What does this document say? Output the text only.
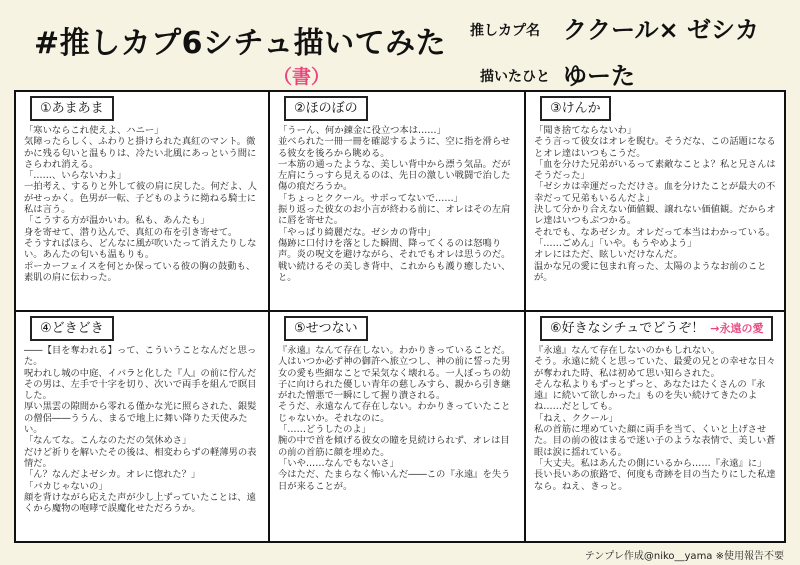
#推しカプ6シチュ描いてみた
（書）
推しカプ名 ククール× ゼシカ
描いたひと ゆーた
①あまあま
「寒いならこれ使えよ、ハニー」
気障ったらしく、ふわりと掛けられた真紅のマント。微かに残る匂いと温もりは、冷たい北風にあっという間にさらわれ消える。
「……、いらないわよ」
一拍考え、するりと外して彼の肩に戻した。何だよ、人がせっかく。色男が一転、子どものように拗ねる騎士に私は言う。
「こうする方が温かいわ。私も、あんたも」
身を寄せて、潜り込んで、真紅の布を引き寄せて。
そうすればほら、どんなに風が吹いたって消えたりしない。あんたの匂いも温もりも。
ポーカーフェイスを何とか保っている彼の胸の鼓動も、素肌の肩に伝わった。
②ほのぼの
「うーん、何か錬金に役立つ本は……」
並べられた一冊一冊を確認するように、空に指を滑らせる彼女を後ろから眺める。
一本筋の通ったような、美しい背中から漂う気品。だが左肩にうっすら見えるのは、先日の激しい戦闘で治した傷の痕だろうか。
「ちょっとククール。サボってないで……」
振り返った彼女のお小言が終わる前に、オレはその左肩に唇を寄せた。
「やっぱり綺麗だな。ゼシカの背中」
傷跡に口付けを落とした瞬間、降ってくるのは怒鳴り声。炎の呪文を避けながら、それでもオレは思うのだ。
戦い続けるその美しき背中、これからも護り癒したい、と。
③けんか
「聞き捨てならないわ」
そう言って彼女はオレを睨む。そうだな、この話題になるとオレ達はいつもこうだ。
「血を分けた兄弟がいるって素敵なことよ？私と兄さんはそうだった」
「ゼシカは幸運だっただけさ。血を分けたことが最大の不幸だって兄弟もいるんだよ」
決して分かり合えない価値観、譲れない価値観。だからオレ達はいつもぶつかる。
それでも、なあゼシカ。オレだって本当はわかっている。
「……ごめん」「いや。もうやめよう」
オレにはただ、眩しいだけなんだ。
温かな兄の愛に包まれ育った、太陽のようなお前のことが。
④どきどき
――【目を奪われる】って、こういうことなんだと思った。
呪われし城の中庭、イバラと化した『人』の前に佇んだその男は、左手で十字を切り、次いで両手を組んで瞑目した。
厚い黒雲の隙間から零れる僅かな光に照らされた、銀髪の僧侶――ううん、まるで地上に舞い降りた天使みたい。
「なんてな。こんなのただの気休めさ」
だけど祈りを解いたその後は、相変わらずの軽薄男の表情だ。
「ん？なんだよゼシカ。オレに惚れた？」
「バカじゃないの」
顔を背けながら応えた声が少し上ずっていたことは、遠くから魔物の咆哮で誤魔化せただろうか。
⑤せつない
『永遠』なんて存在しない。わかりきっていることだ。
人はいつか必ず神の御許へ旅立つし、神の前に誓った男女の愛も些細なことで呆気なく壊れる。一人ぼっちの幼子に向けられた優しい青年の慈しみすら、親から引き継がれた憎悪で一瞬にして握り潰される。
そうだ、永遠なんて存在しない。わかりきっていたことじゃないか。それなのに。
「……どうしたのよ」
腕の中で首を傾げる彼女の瞳を見続けられず、オレは目の前の首筋に顔を埋めた。
「いや……なんでもないさ」
今はただ、たまらなく怖いんだ――この『永遠』を失う日が来ることが。
⑥好きなシチュでどうぞ！ →永遠の愛
『永遠』なんて存在しないのかもしれない。
そう。永遠に続くと思っていた、最愛の兄との幸せな日々が奪われた時、私は初めて思い知らされた。
そんな私よりもずっとずっと、あなたはたくさんの『永遠』に続いて欲しかった』ものを失い続けてきたのよね……だとしても。
「ねえ、ククール」
私の首筋に埋めていた顔に両手を当て、くいと上げさせた。目の前の彼はまるで迷い子のような表情で、美しい蒼眼は涙に揺れている。
「大丈夫。私はあんたの側にいるから……『永遠』に」
長い長いあの旅路で、何度も奇跡を目の当たりにした私達なら。ねえ、きっと。
テンプレ作成@niko__yama ※使用報告不要
